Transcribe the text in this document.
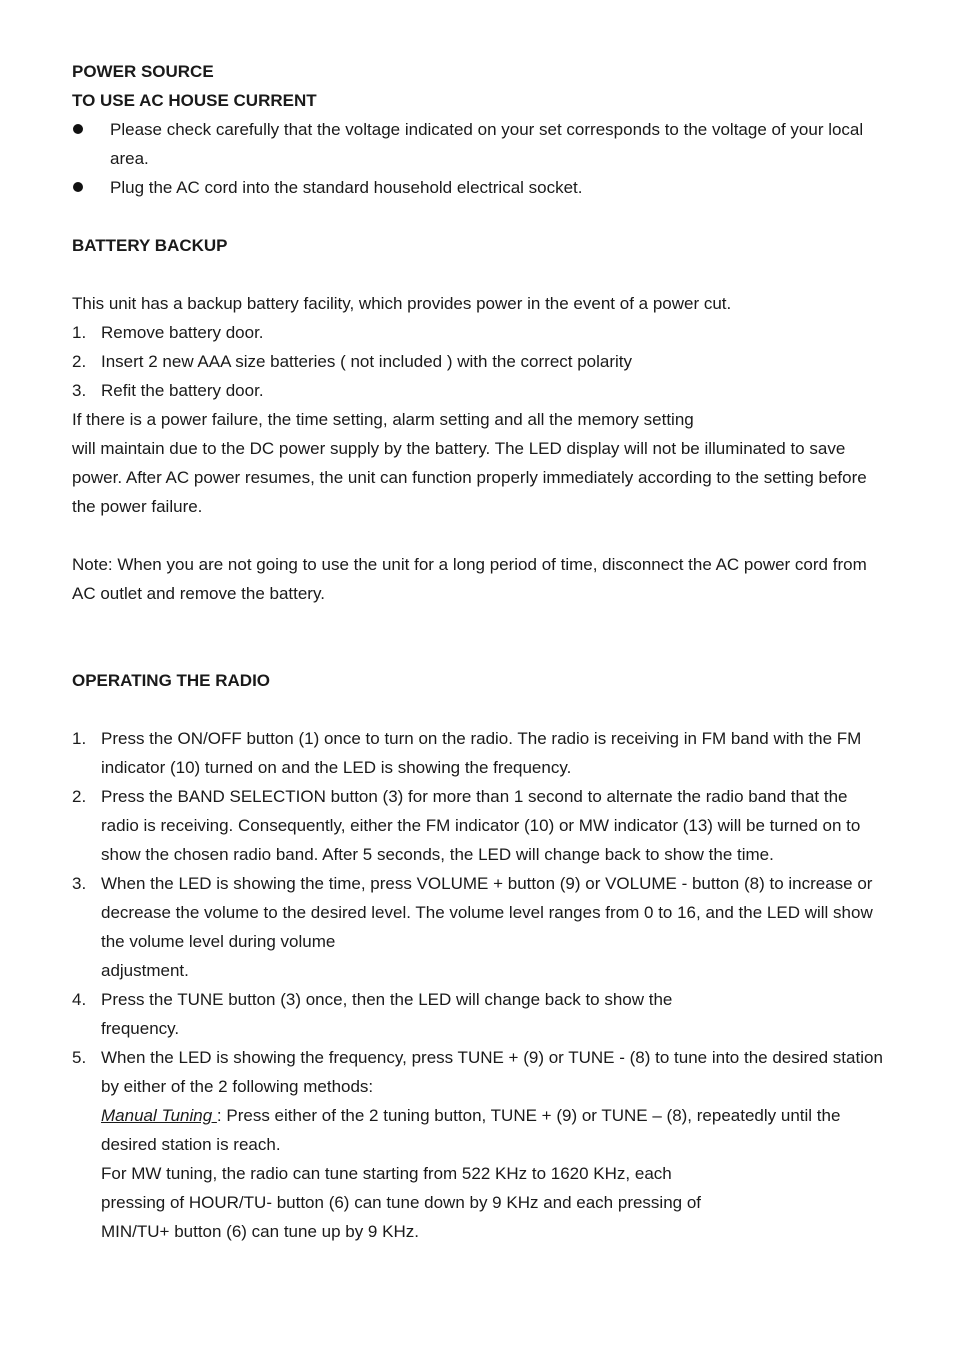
POWER SOURCE

TO USE AC HOUSE CURRENT

Please check carefully that the voltage indicated on your set corresponds to the voltage of your local area.
Plug the AC cord into the standard household electrical socket.

BATTERY BACKUP

This unit has a backup battery facility, which provides power in the event of a power cut.

1. Remove battery door.
2. Insert 2 new AAA size batteries ( not included ) with the correct polarity
3. Refit the battery door.

If there is a power failure, the time setting, alarm setting and all the memory setting

will maintain due to the DC power supply by the battery. The LED display will not be illuminated to save power. After AC power resumes, the unit can function properly immediately according to the setting before the power failure.

Note: When you are not going to use the unit for a long period of time, disconnect the AC power cord from AC outlet and remove the battery.

OPERATING THE RADIO

1. Press the ON/OFF button (1) once to turn on the radio. The radio is receiving in FM band with the FM indicator (10) turned on and the LED is showing the frequency.
2. Press the BAND SELECTION button (3) for more than 1 second to alternate the radio band that the radio is receiving. Consequently, either the FM indicator (10) or MW indicator (13) will be turned on to show the chosen radio band. After 5 seconds, the LED will change back to show the time.
3. When the LED is showing the time, press VOLUME + button (9) or VOLUME - button (8) to increase or decrease the volume to the desired level. The volume level ranges from 0 to 16, and the LED will show the volume level during volume
adjustment.
4. Press the TUNE button (3) once, then the LED will change back to show the
frequency.
5. When the LED is showing the frequency, press TUNE + (9) or TUNE - (8) to tune into the desired station by either of the 2 following methods:
Manual Tuning : Press either of the 2 tuning button, TUNE + (9) or TUNE – (8), repeatedly until the desired station is reach.
For MW tuning, the radio can tune starting from 522 KHz to 1620 KHz, each
pressing of HOUR/TU- button (6) can tune down by 9 KHz and each pressing of
MIN/TU+ button (6) can tune up by 9 KHz.
